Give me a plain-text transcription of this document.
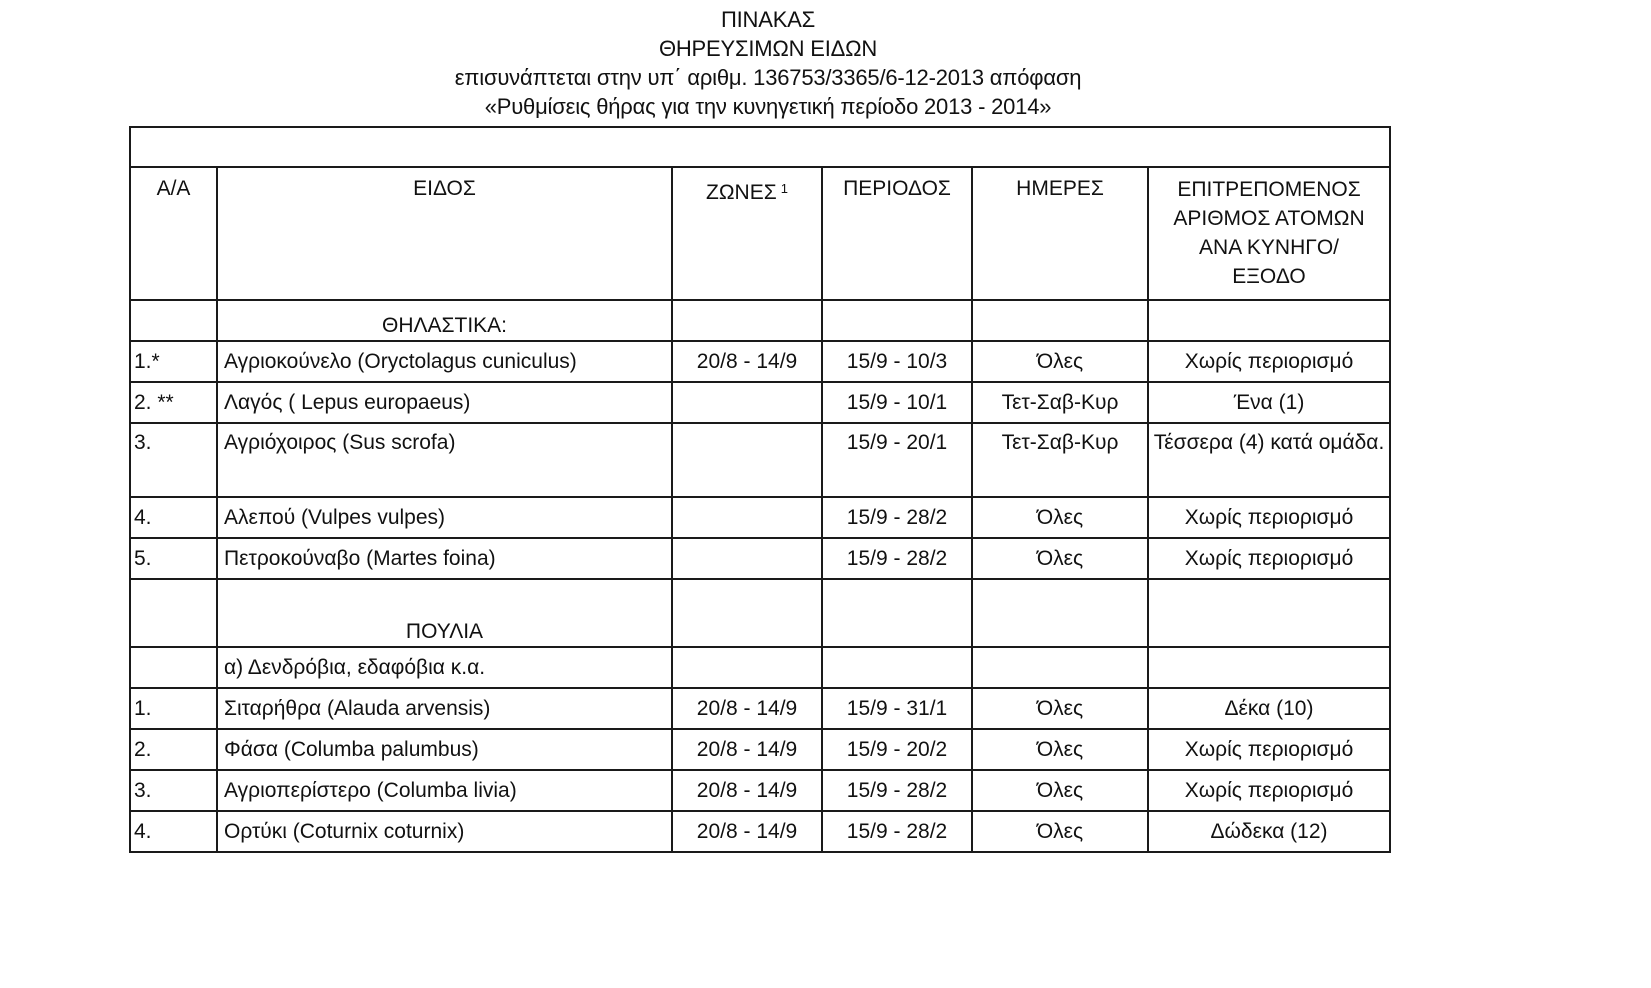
ΠΙΝΑΚΑΣ
ΘΗΡΕΥΣΙΜΩΝ ΕΙΔΩΝ
επισυνάπτεται στην υπ΄ αριθμ. 136753/3365/6-12-2013 απόφαση
«Ρυθμίσεις θήρας για την κυνηγετική περίοδο 2013 - 2014»

Α/Α	ΕΙΔΟΣ	ΖΩΝΕΣ $^1$	ΠΕΡΙΟΔΟΣ	ΗΜΕΡΕΣ	ΕΠΙΤΡΕΠΟΜΕΝΟΣ
ΑΡΙΘΜΟΣ ΑΤΟΜΩΝ
ΑΝΑ ΚΥΝΗΓΟ/
ΕΞΟΔΟ

	ΘΗΛΑΣΤΙΚΑ:				
1.*	Αγριοκούνελο (Oryctolagus cuniculus)	20/8 - 14/9	15/9 - 10/3	Όλες	Χωρίς περιορισμό
2. **	Λαγός ( Lepus europaeus)		15/9 - 10/1	Τετ-Σαβ-Κυρ	Ένα (1)
3.	Αγριόχοιρος (Sus scrofa)		15/9 - 20/1	Τετ-Σαβ-Κυρ	Τέσσερα (4) κατά ομάδα.
4.	Αλεπού (Vulpes vulpes)		15/9 - 28/2	Όλες	Χωρίς περιορισμό
5.	Πετροκούναβο (Martes foina)		15/9 - 28/2	Όλες	Χωρίς περιορισμό
	ΠΟΥΛΙΑ				
	α) Δενδρόβια, εδαφόβια κ.α.				
1.	Σιταρήθρα (Alauda arvensis)	20/8 - 14/9	15/9 - 31/1	Όλες	Δέκα (10)
2.	Φάσα (Columba palumbus)	20/8 - 14/9	15/9 - 20/2	Όλες	Χωρίς περιορισμό
3.	Αγριοπερίστερο (Columba livia)	20/8 - 14/9	15/9 - 28/2	Όλες	Χωρίς περιορισμό
4.	Ορτύκι (Coturnix coturnix)	20/8 - 14/9	15/9 - 28/2	Όλες	Δώδεκα (12)
